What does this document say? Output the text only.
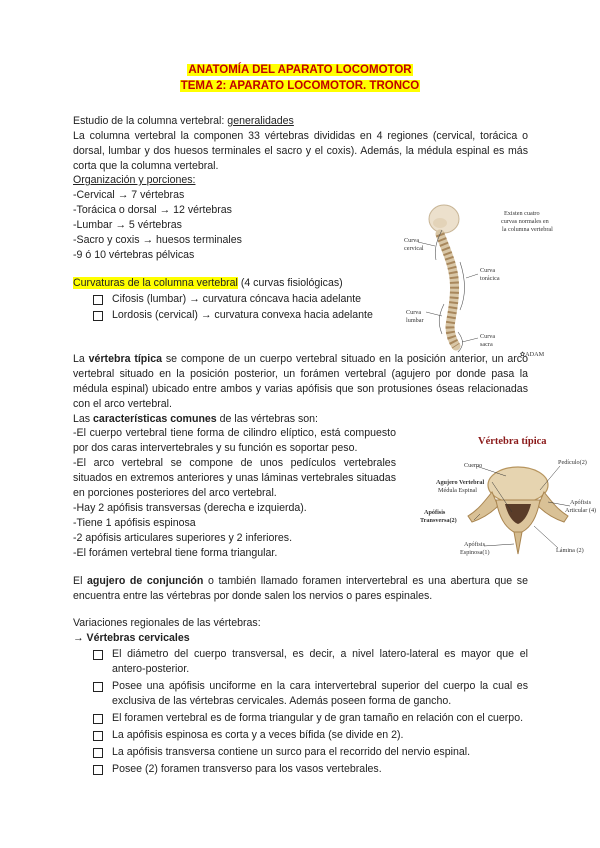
ANATOMÍA DEL APARATO LOCOMOTOR
TEMA 2: APARATO LOCOMOTOR. TRONCO

Estudio de la columna vertebral: generalidades

La columna vertebral la componen 33 vértebras divididas en 4 regiones (cervical, torácica o dorsal, lumbar y dos huesos terminales el sacro y el coxis). Además, la médula espinal es más corta que la columna vertebral.

Organización y porciones:

-Cervical → 7 vértebras

-Torácica o dorsal → 12 vértebras

-Lumbar → 5 vértebras

-Sacro y coxis → huesos terminales

-9 ó 10 vértebras pélvicas

Curvaturas de la columna vertebral (4 curvas fisiológicas)

Cifosis (lumbar) → curvatura cóncava hacia adelante
Lordosis (cervical) → curvatura convexa hacia adelante
Existen cuatro
curvas normales en
la columna vertebral
Curva
cervical
Curva
torácica
Curva
lumbar
Curva
sacra
✿ADAM

La vértebra típica se compone de un cuerpo vertebral situado en la posición anterior, un arco vertebral situado en la posición posterior, un forámen vertebral (agujero por donde pasa la médula espinal) ubicado entre ambos y varias apófisis que son protusiones óseas relacionadas con el arco vertebral.

Las características comunes de las vértebras son:

-El cuerpo vertebral tiene forma de cilindro elíptico, está compuesto por dos caras intervertebrales y su función es soportar peso.

-El arco vertebral se compone de unos pedículos vertebrales situados en extremos anteriores y unas láminas vertebrales situadas en porciones posteriores del arco vertebral.

-Hay 2 apófisis transversas (derecha e izquierda).

-Tiene 1 apófisis espinosa

-2 apófisis articulares superiores y 2 inferiores.

-El forámen vertebral tiene forma triangular.

Vértebra típica
Cuerpo	Pedículo(2)
Agujero Vertebral
Médula Espinal
Apófisis
Articular (4)
Apófisis
Transversa(2)
Apófisis
Espinosa(1)	Lámina (2)

El agujero de conjunción o también llamado foramen intervertebral es una abertura que se encuentra entre las vértebras por donde salen los nervios o pares espinales.

Variaciones regionales de las vértebras:

→ Vértebras cervicales

El diámetro del cuerpo transversal, es decir, a nivel latero-lateral es mayor que el antero-posterior.
Posee una apófisis unciforme en la cara intervertebral superior del cuerpo la cual es exclusiva de las vértebras cervicales. Además poseen forma de gancho.
El foramen vertebral es de forma triangular y de gran tamaño en relación con el cuerpo.
La apófisis espinosa es corta y a veces bífida (se divide en 2).
La apófisis transversa contiene un surco para el recorrido del nervio espinal.
Posee (2) foramen transverso para los vasos vertebrales.
